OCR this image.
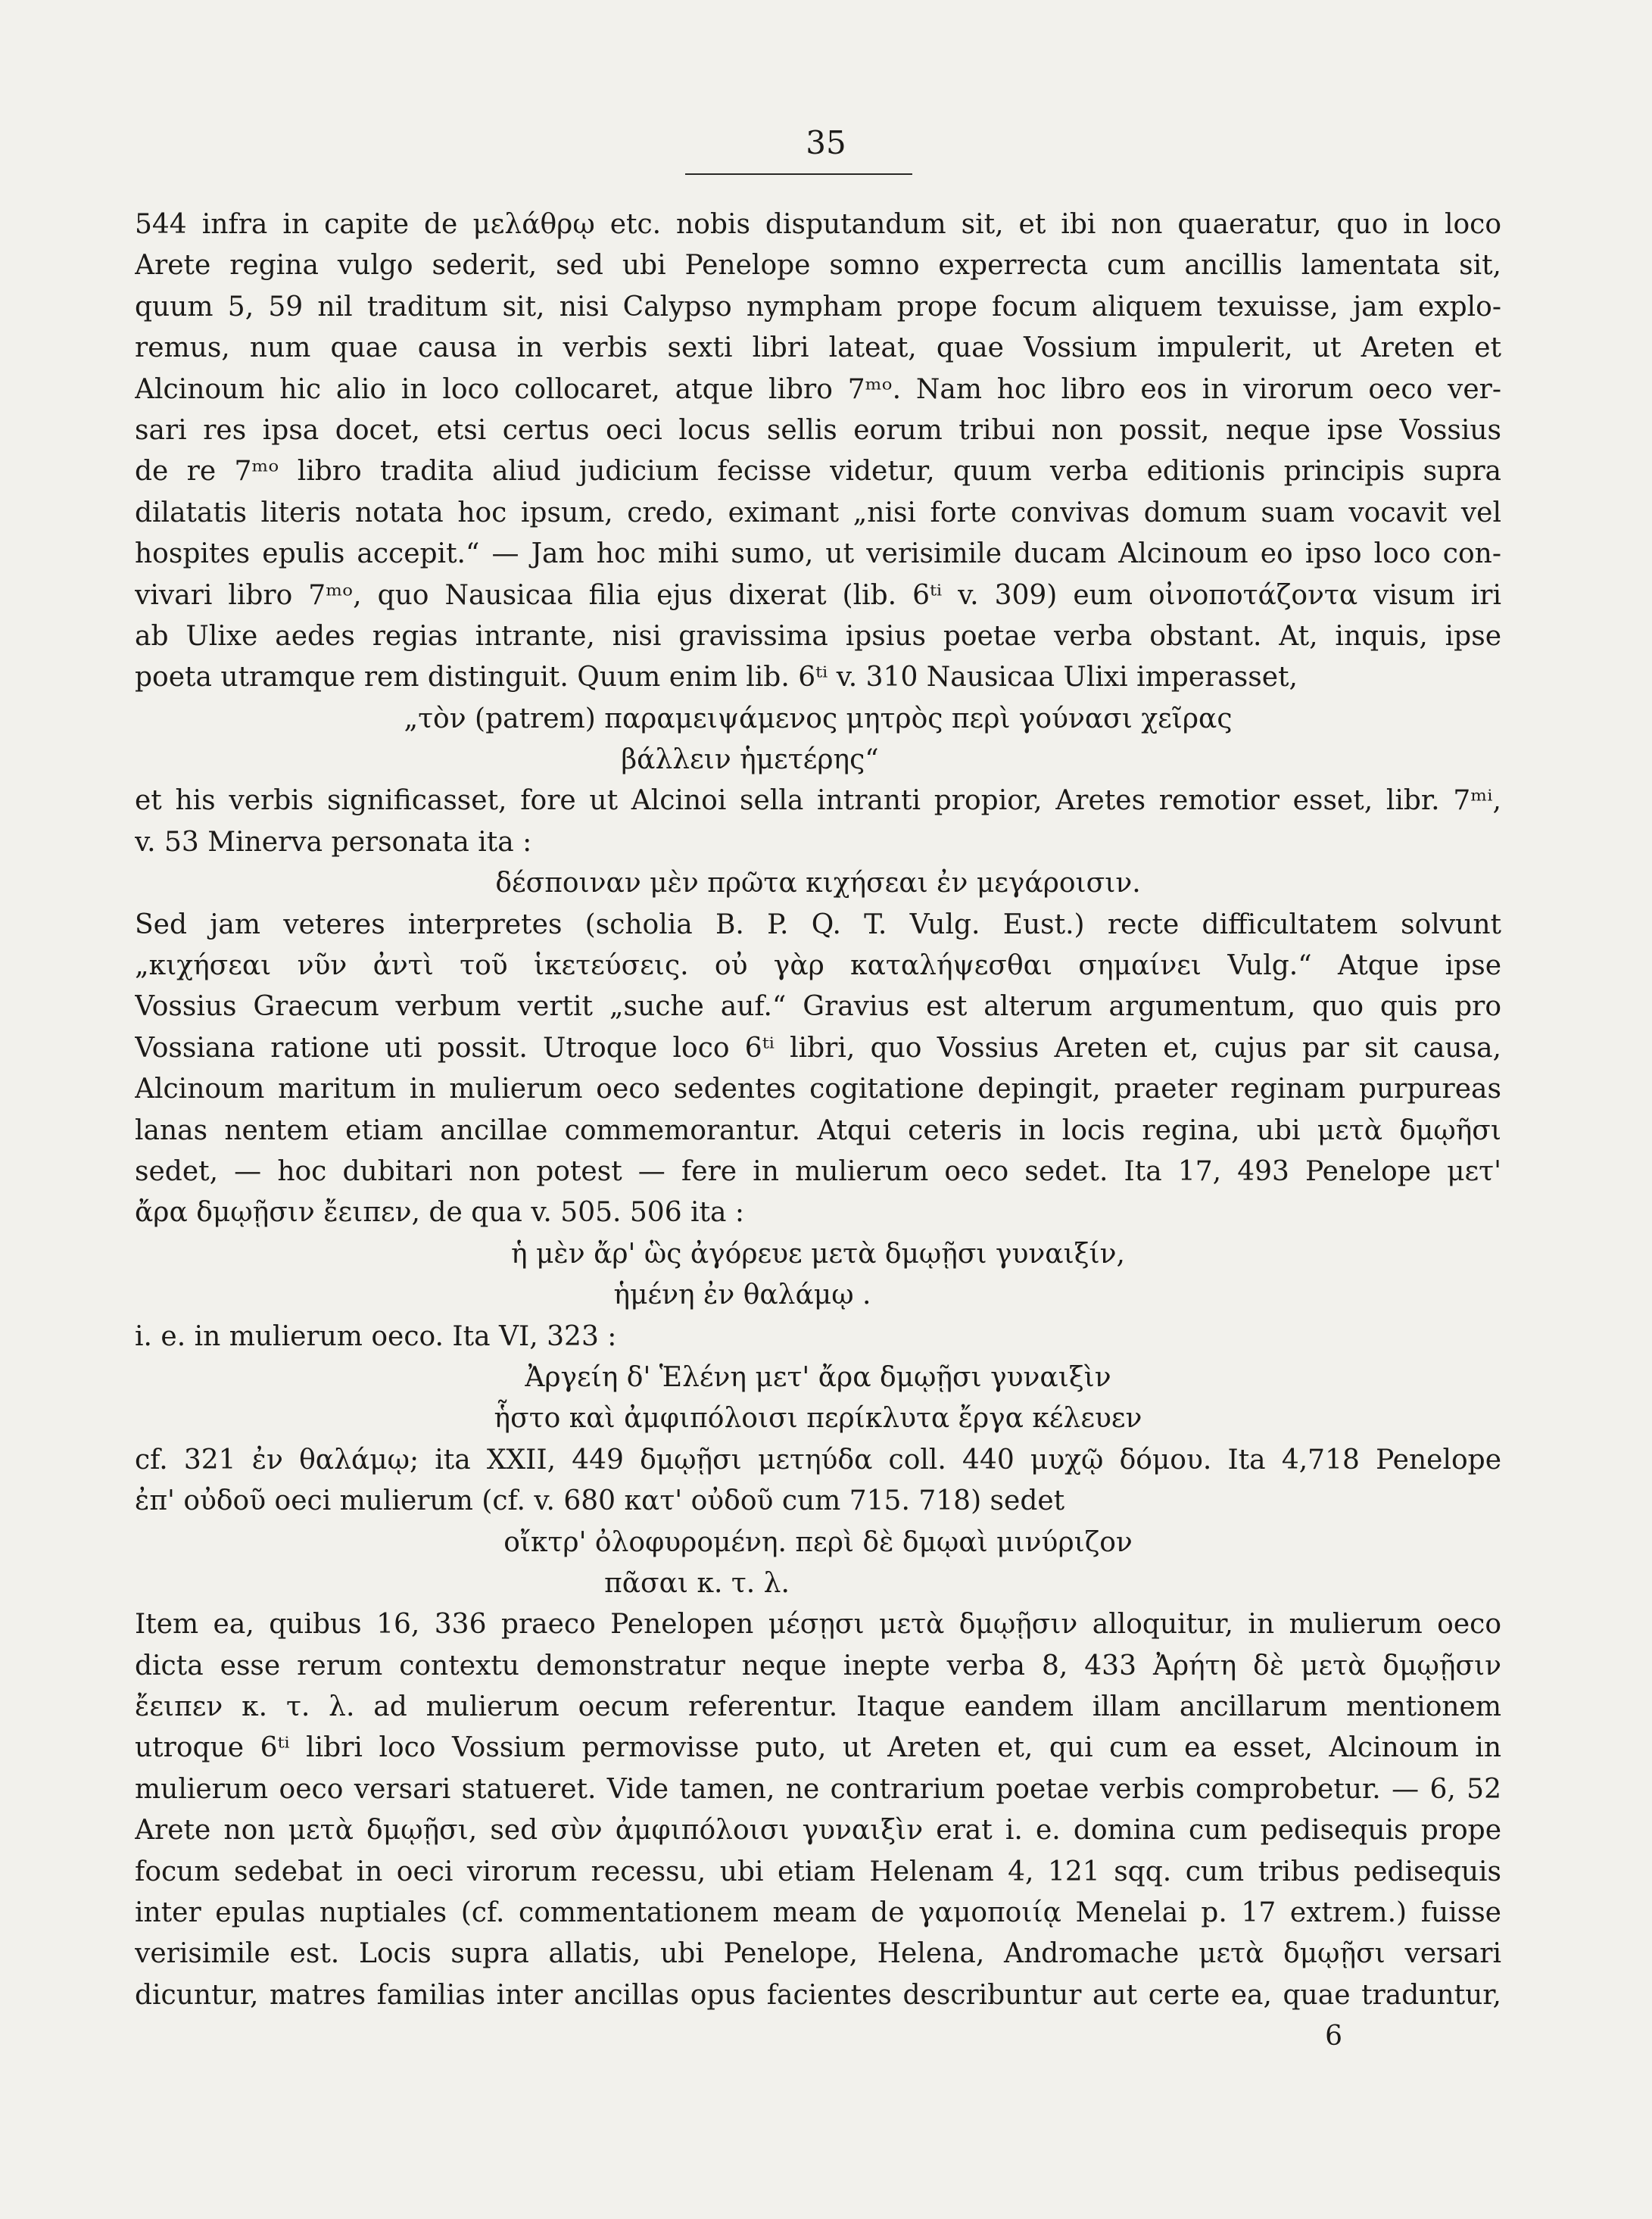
35
544 infra in capite de μελάθρῳ etc. nobis disputandum sit, et ibi non quaeratur, quo in loco
Arete regina vulgo sederit, sed ubi Penelope somno experrecta cum ancillis lamentata sit,
quum 5, 59 nil traditum sit, nisi Calypso nympham prope focum aliquem texuisse, jam explo-
remus, num quae causa in verbis sexti libri lateat, quae Vossium impulerit, ut Areten et
Alcinoum hic alio in loco collocaret, atque libro 7ᵐᵒ. Nam hoc libro eos in virorum oeco ver-
sari res ipsa docet, etsi certus oeci locus sellis eorum tribui non possit, neque ipse Vossius
de re 7ᵐᵒ libro tradita aliud judicium fecisse videtur, quum verba editionis principis supra
dilatatis literis notata hoc ipsum, credo, eximant „nisi forte convivas domum suam vocavit vel
hospites epulis accepit.“ — Jam hoc mihi sumo, ut verisimile ducam Alcinoum eo ipso loco con-
vivari libro 7ᵐᵒ, quo Nausicaa filia ejus dixerat (lib. 6ᵗⁱ v. 309) eum οἰνοποτάζοντα visum iri
ab Ulixe aedes regias intrante, nisi gravissima ipsius poetae verba obstant. At, inquis, ipse
poeta utramque rem distinguit. Quum enim lib. 6ᵗⁱ v. 310 Nausicaa Ulixi imperasset,
„τὸν (patrem) παραμειψάμενος μητρὸς περὶ γούνασι χεῖρας
βάλλειν ἡμετέρης“
et his verbis significasset, fore ut Alcinoi sella intranti propior, Aretes remotior esset, libr. 7ᵐⁱ,
v. 53 Minerva personata ita :
δέσποιναν μὲν πρῶτα κιχήσεαι ἐν μεγάροισιν.
Sed jam veteres interpretes (scholia B. P. Q. T. Vulg. Eust.) recte difficultatem solvunt
„κιχήσεαι νῦν ἀντὶ τοῦ ἱκετεύσεις. οὐ γὰρ καταλήψεσθαι σημαίνει Vulg.“ Atque ipse
Vossius Graecum verbum vertit „suche auf.“ Gravius est alterum argumentum, quo quis pro
Vossiana ratione uti possit. Utroque loco 6ᵗⁱ libri, quo Vossius Areten et, cujus par sit causa,
Alcinoum maritum in mulierum oeco sedentes cogitatione depingit, praeter reginam purpureas
lanas nentem etiam ancillae commemorantur. Atqui ceteris in locis regina, ubi μετὰ δμῳῆσι
sedet, — hoc dubitari non potest — fere in mulierum oeco sedet. Ita 17, 493 Penelope μετ'
ἄρα δμῳῇσιν ἔειπεν, de qua v. 505. 506 ita :
ἡ μὲν ἄρ' ὣς ἀγόρευε μετὰ δμῳῇσι γυναιξίν,
ἡμένη ἐν θαλάμῳ .
i. e. in mulierum oeco. Ita VI, 323 :
Ἀργείη δ' Ἑλένη μετ' ἄρα δμῳῇσι γυναιξὶν
ἧστο καὶ ἀμφιπόλοισι περίκλυτα ἔργα κέλευεν
cf. 321 ἐν θαλάμῳ; ita XXII, 449 δμῳῇσι μετηύδα coll. 440 μυχῷ δόμου. Ita 4,718 Penelope
ἐπ' οὐδοῦ oeci mulierum (cf. v. 680 κατ' οὐδοῦ cum 715. 718) sedet
οἴκτρ' ὀλοφυρομένη. περὶ δὲ δμῳαὶ μινύριζον
πᾶσαι κ. τ. λ.
Item ea, quibus 16, 336 praeco Penelopen μέσῃσι μετὰ δμῳῇσιν alloquitur, in mulierum oeco
dicta esse rerum contextu demonstratur neque inepte verba 8, 433 Ἀρήτη δὲ μετὰ δμῳῇσιν
ἔειπεν κ. τ. λ. ad mulierum oecum referentur. Itaque eandem illam ancillarum mentionem
utroque 6ᵗⁱ libri loco Vossium permovisse puto, ut Areten et, qui cum ea esset, Alcinoum in
mulierum oeco versari statueret. Vide tamen, ne contrarium poetae verbis comprobetur. — 6, 52
Arete non μετὰ δμῳῇσι, sed σὺν ἀμφιπόλοισι γυναιξὶν erat i. e. domina cum pedisequis prope
focum sedebat in oeci virorum recessu, ubi etiam Helenam 4, 121 sqq. cum tribus pedisequis
inter epulas nuptiales (cf. commentationem meam de γαμοποιίᾳ Menelai p. 17 extrem.) fuisse
verisimile est. Locis supra allatis, ubi Penelope, Helena, Andromache μετὰ δμῳῇσι versari
dicuntur, matres familias inter ancillas opus facientes describuntur aut certe ea, quae traduntur,
6
